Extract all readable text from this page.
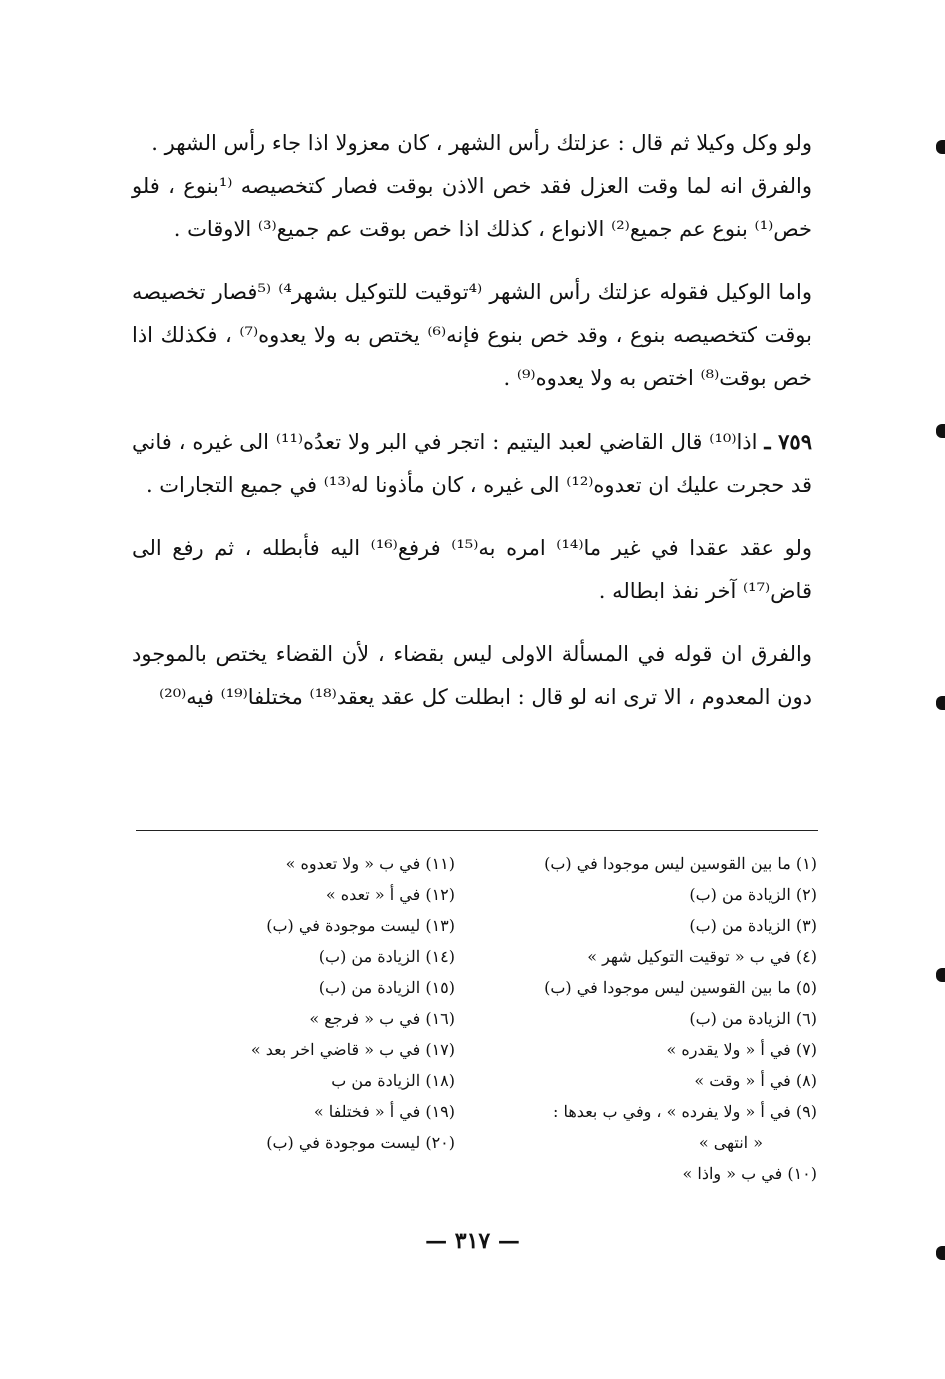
ولو وكل وكيلا ثم قال : عزلتك رأس الشهر ، كان معزولا اذا جاء رأس الشهر .

والفرق انه لما وقت العزل فقد خص الاذن بوقت فصار كتخصيصه ⁽¹بنوع ، فلو خص⁽¹⁾ بنوع عم جميع⁽²⁾ الانواع ، كذلك اذا خص بوقت عم جميع⁽³⁾ الاوقات .

واما الوكيل فقوله عزلتك رأس الشهر ⁽⁴توقيت للتوكيل بشهر⁴⁾ ⁽⁵فصار تخصيصه بوقت كتخصيصه بنوع ، وقد خص بنوع فإنه⁽⁶⁾ يختص به ولا يعدوه⁽⁷⁾ ، فكذلك اذا خص بوقت⁽⁸⁾ اختص به ولا يعدوه⁽⁹⁾ .

٧٥٩ ـ اذا⁽¹⁰⁾ قال القاضي لعبد اليتيم : اتجر في البر ولا تعدُه⁽¹¹⁾ الى غيره ، فاني قد حجرت عليك ان تعدوه⁽¹²⁾ الى غيره ، كان مأذونا له⁽¹³⁾ في جميع التجارات .

ولو عقد عقدا في غير ما⁽¹⁴⁾ امره به⁽¹⁵⁾ فرفع⁽¹⁶⁾ اليه فأبطله ، ثم رفع الى قاض⁽¹⁷⁾ آخر نفذ ابطاله .

والفرق ان قوله في المسألة الاولى ليس بقضاء ، لأن القضاء يختص بالموجود دون المعدوم ، الا ترى انه لو قال : ابطلت كل عقد يعقد⁽¹⁸⁾ مختلفا⁽¹⁹⁾ فيه⁽²⁰⁾

(١) ما بين القوسين ليس موجودا في (ب)
(٢) الزيادة من (ب)
(٣) الزيادة من (ب)
(٤) في ب « توقيت التوكيل شهر »
(٥) ما بين القوسين ليس موجودا في (ب)
(٦) الزيادة من (ب)
(٧) في أ « ولا يقدره »
(٨) في أ « وقت »
(٩) في أ « ولا يفرده » ، وفي ب بعدها :
« انتهى »
(١٠) في ب « واذا »
(١١) في ب « ولا تعدوه »
(١٢) في أ « تعده »
(١٣) ليست موجودة في (ب)
(١٤) الزيادة من (ب)
(١٥) الزيادة من (ب)
(١٦) في ب « فرجع »
(١٧) في ب « قاضي اخر بعد »
(١٨) الزيادة من ب
(١٩) في أ « فختلفا »
(٢٠) ليست موجودة في (ب)
— ٣١٧ —
